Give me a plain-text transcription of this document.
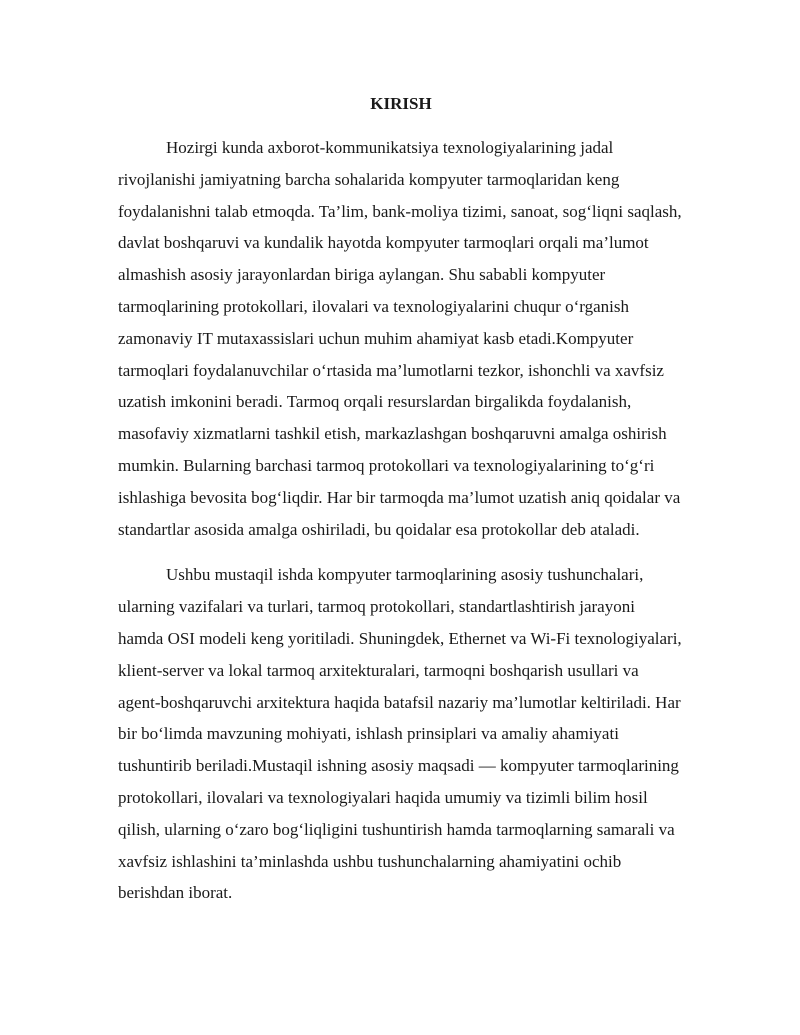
KIRISH

Hozirgi kunda axborot-kommunikatsiya texnologiyalarining jadal rivojlanishi jamiyatning barcha sohalarida kompyuter tarmoqlaridan keng foydalanishni talab etmoqda. Ta’lim, bank-moliya tizimi, sanoat, sog‘liqni saqlash, davlat boshqaruvi va kundalik hayotda kompyuter tarmoqlari orqali ma’lumot almashish asosiy jarayonlardan biriga aylangan. Shu sababli kompyuter tarmoqlarining protokollari, ilovalari va texnologiyalarini chuqur o‘rganish zamonaviy IT mutaxassislari uchun muhim ahamiyat kasb etadi.Kompyuter tarmoqlari foydalanuvchilar o‘rtasida ma’lumotlarni tezkor, ishonchli va xavfsiz uzatish imkonini beradi. Tarmoq orqali resurslardan birgalikda foydalanish, masofaviy xizmatlarni tashkil etish, markazlashgan boshqaruvni amalga oshirish mumkin. Bularning barchasi tarmoq protokollari va texnologiyalarining to‘g‘ri ishlashiga bevosita bog‘liqdir. Har bir tarmoqda ma’lumot uzatish aniq qoidalar va standartlar asosida amalga oshiriladi, bu qoidalar esa protokollar deb ataladi.

Ushbu mustaqil ishda kompyuter tarmoqlarining asosiy tushunchalari, ularning vazifalari va turlari, tarmoq protokollari, standartlashtirish jarayoni hamda OSI modeli keng yoritiladi. Shuningdek, Ethernet va Wi-Fi texnologiyalari, klient-server va lokal tarmoq arxitekturalari, tarmoqni boshqarish usullari va agent-boshqaruvchi arxitektura haqida batafsil nazariy ma’lumotlar keltiriladi. Har bir bo‘limda mavzuning mohiyati, ishlash prinsiplari va amaliy ahamiyati tushuntirib beriladi.Mustaqil ishning asosiy maqsadi — kompyuter tarmoqlarining protokollari, ilovalari va texnologiyalari haqida umumiy va tizimli bilim hosil qilish, ularning o‘zaro bog‘liqligini tushuntirish hamda tarmoqlarning samarali va xavfsiz ishlashini ta’minlashda ushbu tushunchalarning ahamiyatini ochib berishdan iborat.
